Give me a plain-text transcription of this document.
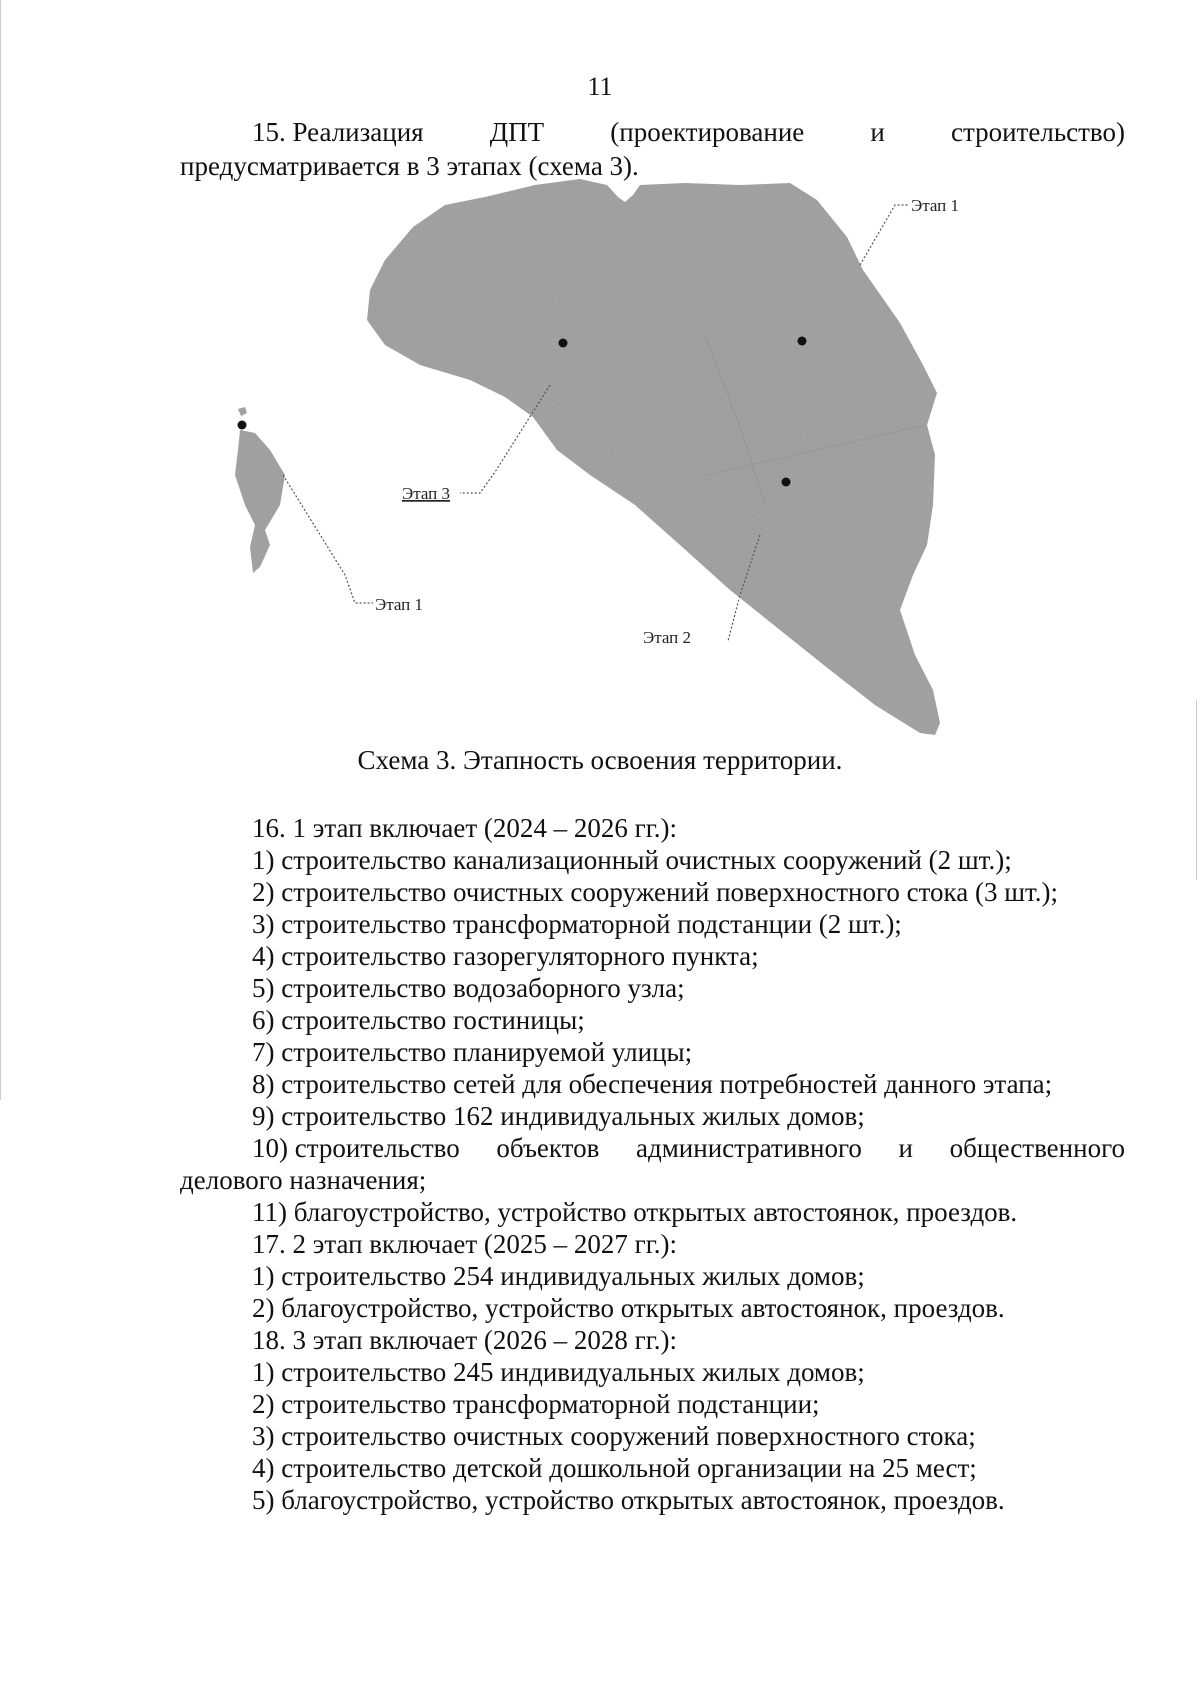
11
15. Реализация ДПТ (проектирование и строительство)
предусматривается в 3 этапах (схема 3).
Этап 1
Этап 3
Этап 1
Этап 2
Схема 3. Этапность освоения территории.
16. 1 этап включает (2024 – 2026 гг.):
1) строительство канализационный очистных сооружений (2 шт.);
2) строительство очистных сооружений поверхностного стока (3 шт.);
3) строительство трансформаторной подстанции (2 шт.);
4) строительство газорегуляторного пункта;
5) строительство водозаборного узла;
6) строительство гостиницы;
7) строительство планируемой улицы;
8) строительство сетей для обеспечения потребностей данного этапа;
9) строительство 162 индивидуальных жилых домов;
10) строительство объектов административного и общественного
делового назначения;
11) благоустройство, устройство открытых автостоянок, проездов.
17. 2 этап включает (2025 – 2027 гг.):
1) строительство 254 индивидуальных жилых домов;
2) благоустройство, устройство открытых автостоянок, проездов.
18. 3 этап включает (2026 – 2028 гг.):
1) строительство 245 индивидуальных жилых домов;
2) строительство трансформаторной подстанции;
3) строительство очистных сооружений поверхностного стока;
4) строительство детской дошкольной организации на 25 мест;
5) благоустройство, устройство открытых автостоянок, проездов.
